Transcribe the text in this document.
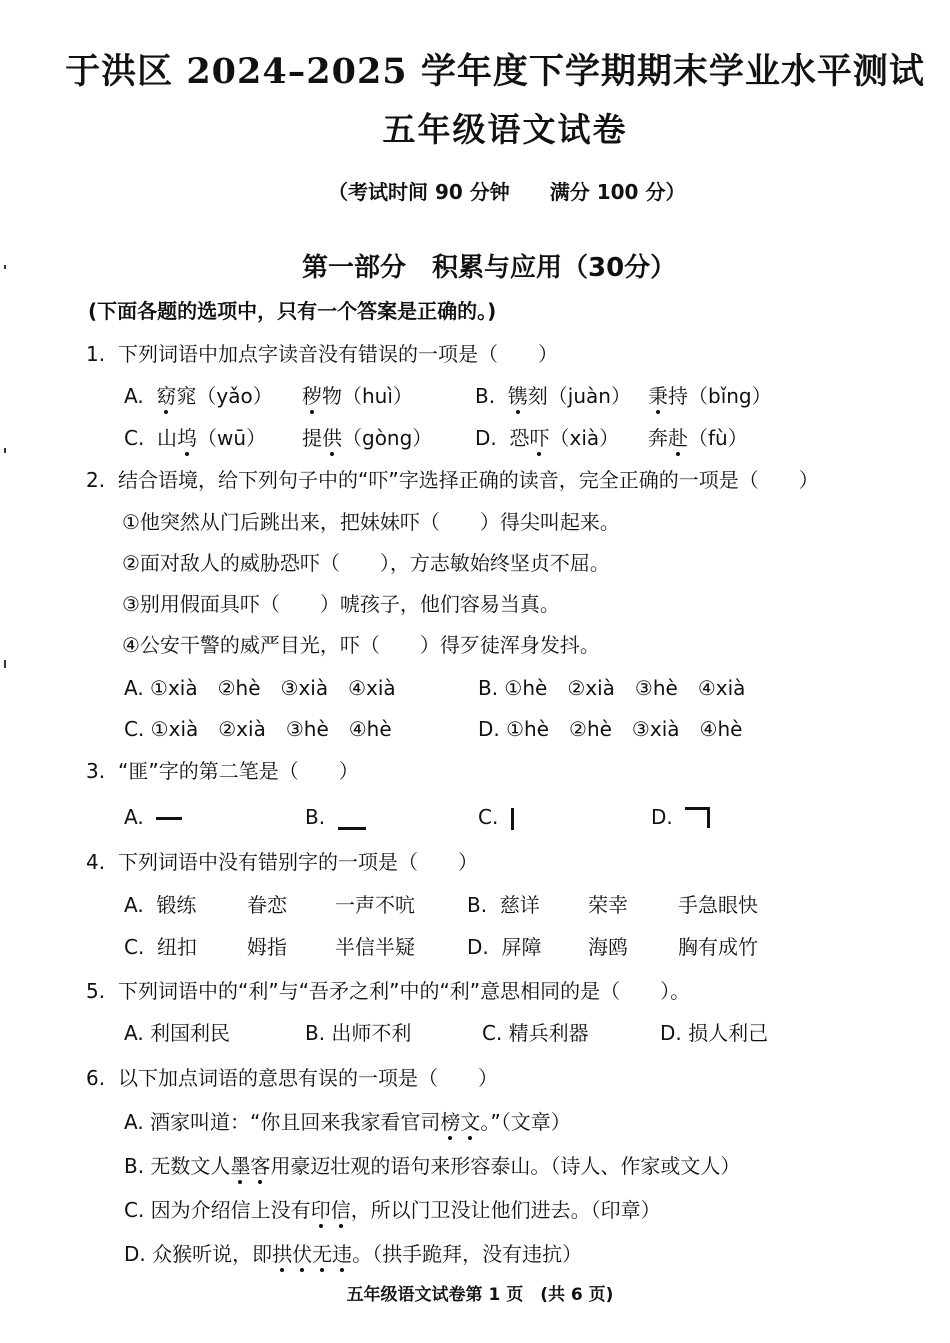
于洪区 2024–2025 学年度下学期期末学业水平测试
五年级语文试卷
（考试时间 90 分钟 满分 100 分）
第一部分　积累与应用（30分）
(下面各题的选项中，只有一个答案是正确的。)
1. 下列词语中加点字读音没有错误的一项是（　　）
A. 窈窕（yǎo） 秽物（huì）	B. 镌刻（juàn） 秉持（bǐng）
C. 山坞（wū） 提供（gòng） D. 恐吓（xià） 奔赴（fù）
2. 结合语境，给下列句子中的“吓”字选择正确的读音，完全正确的一项是（　　）
①他突然从门后跳出来，把妹妹吓（　　）得尖叫起来。
②面对敌人的威胁恐吓（　　），方志敏始终坚贞不屈。
③别用假面具吓（　　）唬孩子，他们容易当真。
④公安干警的威严目光，吓（　　）得歹徒浑身发抖。
A. ①xià　②hè　③xià　④xià	B. ①hè　②xià　③hè　④xià
C. ①xià　②xià　③hè　④hè	D. ①hè　②hè　③xià　④hè
3. “匪”字的第二笔是（　　）
A.	B.	C.	D.
4. 下列词语中没有错别字的一项是（　　）
A. 锻练	眷恋 一声不吭	B. 慈详 荣幸	手急眼快
C. 纽扣 姆指 半信半疑	D. 屏障 海鸥	胸有成竹
5. 下列词语中的“利”与“吾矛之利”中的“利”意思相同的是（　　）。
A. 利国利民	B. 出师不利	C. 精兵利器	D. 损人利己
6. 以下加点词语的意思有误的一项是（　　）
A. 酒家叫道：“你且回来我家看官司榜文。”（文章）
B. 无数文人墨客用豪迈壮观的语句来形容泰山。（诗人、作家或文人）
C. 因为介绍信上没有印信，所以门卫没让他们进去。（印章）
D. 众猴听说，即拱伏无违。（拱手跪拜，没有违抗）
五年级语文试卷第 1 页　(共 6 页)
